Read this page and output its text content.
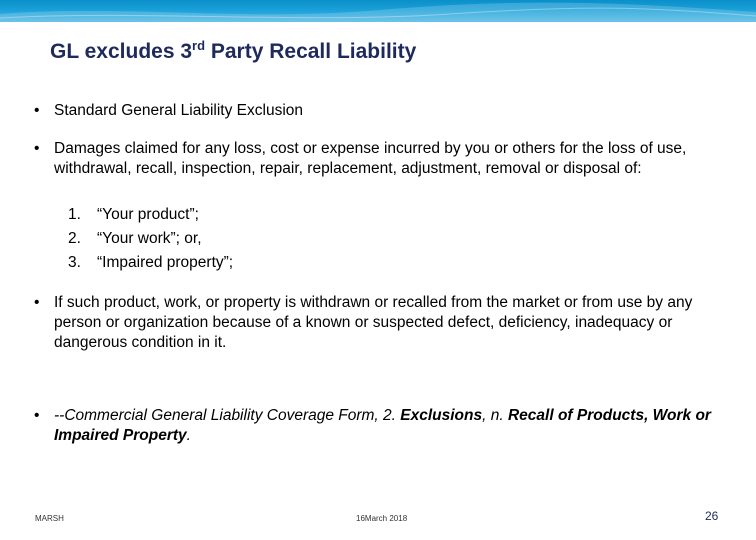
GL excludes 3rd Party Recall Liability
• Standard General Liability Exclusion
• Damages claimed for any loss, cost or expense incurred by you or others for the loss of use, withdrawal, recall, inspection, repair, replacement, adjustment, removal or disposal of:
1. “Your product”;
2. “Your work”; or,
3. “Impaired property”;
• If such product, work, or property is withdrawn or recalled from the market or from use by any person or organization because of a known or suspected defect, deficiency, inadequacy or dangerous condition in it.
• --Commercial General Liability Coverage Form, 2. Exclusions, n. Recall of Products, Work or Impaired Property.
MARSH	16March 2018	26
